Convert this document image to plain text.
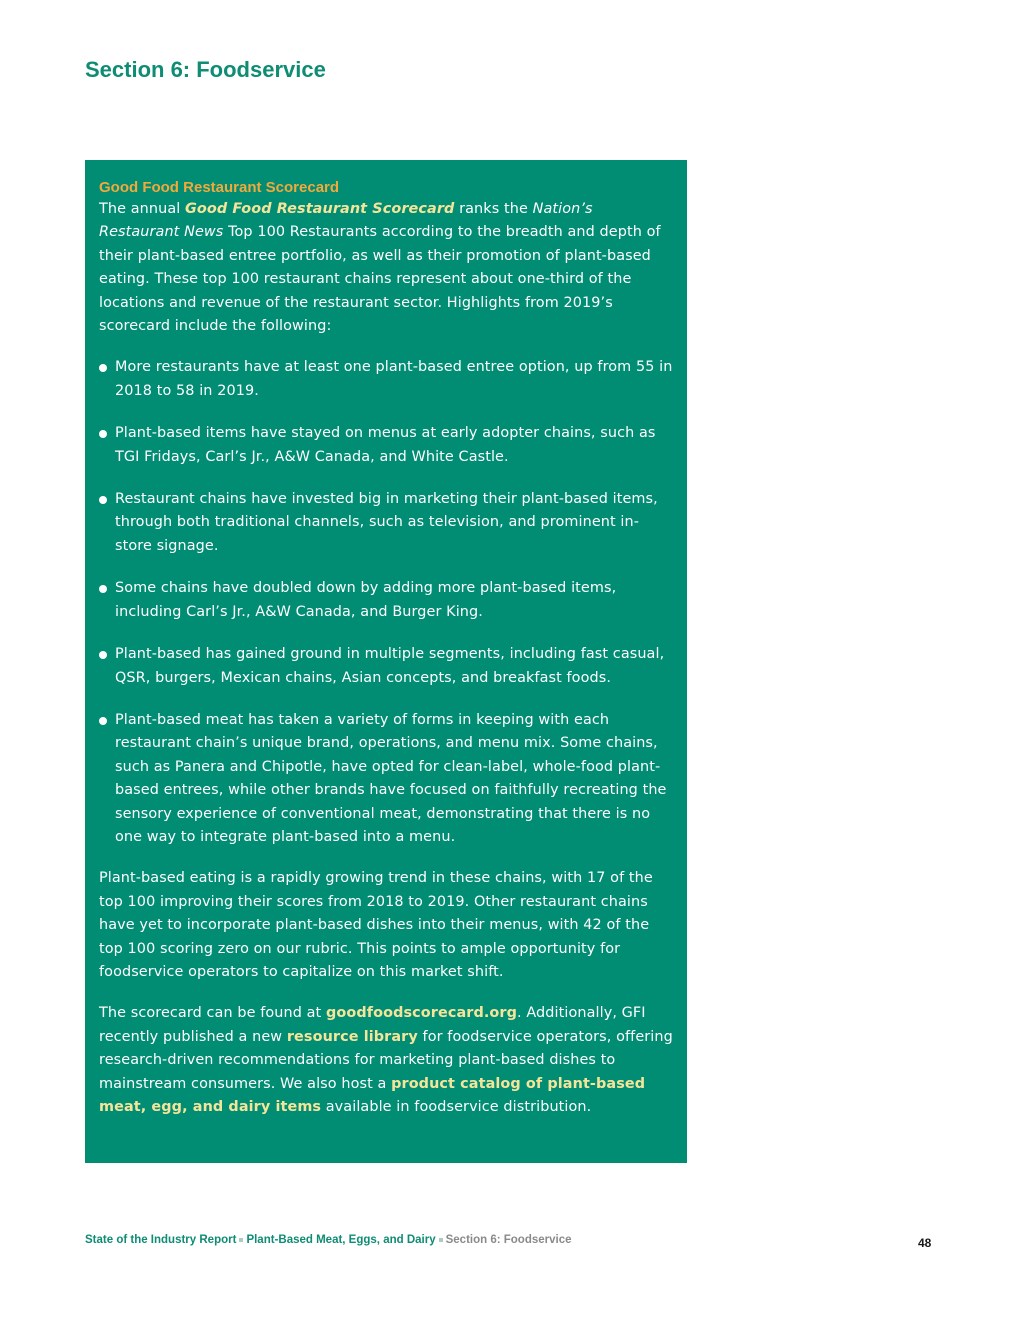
Section 6: Foodservice

Good Food Restaurant Scorecard

The annual Good Food Restaurant Scorecard ranks the Nation’s Restaurant News Top 100 Restaurants according to the breadth and depth of their plant-based entree portfolio, as well as their promotion of plant-based eating. These top 100 restaurant chains represent about one-third of the locations and revenue of the restaurant sector. Highlights from 2019’s scorecard include the following:

More restaurants have at least one plant-based entree option, up from 55 in 2018 to 58 in 2019.
Plant-based items have stayed on menus at early adopter chains, such as TGI Fridays, Carl’s Jr., A&W Canada, and White Castle.
Restaurant chains have invested big in marketing their plant-based items, through both traditional channels, such as television, and prominent in-store signage.
Some chains have doubled down by adding more plant-based items, including Carl’s Jr., A&W Canada, and Burger King.
Plant-based has gained ground in multiple segments, including fast casual, QSR, burgers, Mexican chains, Asian concepts, and breakfast foods.
Plant-based meat has taken a variety of forms in keeping with each restaurant chain’s unique brand, operations, and menu mix. Some chains, such as Panera and Chipotle, have opted for clean-label, whole-food plant-based entrees, while other brands have focused on faithfully recreating the sensory experience of conventional meat, demonstrating that there is no one way to integrate plant-based into a menu.

Plant-based eating is a rapidly growing trend in these chains, with 17 of the top 100 improving their scores from 2018 to 2019. Other restaurant chains have yet to incorporate plant-based dishes into their menus, with 42 of the top 100 scoring zero on our rubric. This points to ample opportunity for foodservice operators to capitalize on this market shift.

The scorecard can be found at goodfoodscorecard.org. Additionally, GFI recently published a new resource library for foodservice operators, offering research-driven recommendations for marketing plant-based dishes to mainstream consumers. We also host a product catalog of plant-based meat, egg, and dairy items available in foodservice distribution.

State of the Industry Report Plant-Based Meat, Eggs, and Dairy Section 6: Foodservice	48
